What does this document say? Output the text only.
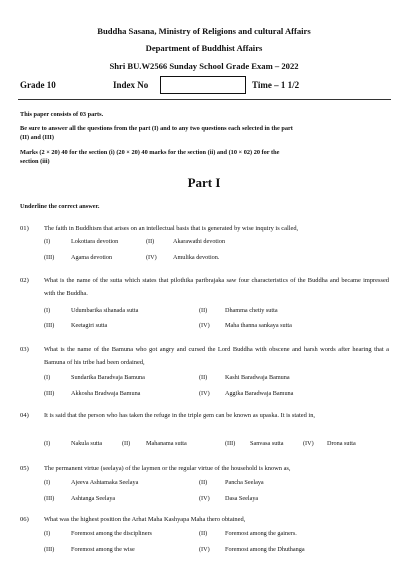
Buddha Sasana, Ministry of Religions and cultural Affairs
Department of Buddhist Affairs
Shri BU.W2566 Sunday School Grade Exam – 2022
Grade 10	Index No	Time – 1 1/2
This paper consists of 03 parts.
Be sure to answer all the questions from the part (I) and to any two questions each selected in the part
(II) and (III)
Marks (2 × 20) 40 for the section (i) (20 × 20) 40 marks for the section (ii) and (10 × 02) 20 for the
section (iii)
Part I
Underline the correct answer.
01) The faith in Buddhism that arises on an intellectual basis that is generated by wise inquiry is called,
(I)	Lokottara devotion	(II)	Akarawathi devotion
(III)	Agama devotion	(IV)	Amulika devotion.
02) What is the name of the sutta which states that pilothika paribrajaka saw four characteristics of the Buddha and became impressed with the Buddha.
(I)	Udumbarika sihanada sutta	(II)	Dhamma chetiy sutta
(III)	Keetagiri sutta	(IV) Maha thanna sankaya sutta
03) What is the name of the Bamuna who got angry and cursed the Lord Buddha with obscene and harsh words after hearing that a Bamuna of his tribe had been ordained,
(I)	Sundarika Baradvaja Bamuna	(II)	Kashi Baradwaja Bamuna
(III)	Akkosha Bradwaja Bamuna	(IV) Aggika Baradwaja Bamuna
04) It is said that the person who has taken the refuge in the triple gem can be known as upaska. It is stated in,
(I)	Nakula sutta	(II)	Mahanama sutta	(III) Sanvasa sutta	(IV) Drona sutta
05) The permanent virtue (seelaya) of the laymen or the regular virtue of the household is known as,
(I)	Ajeeva Ashtamaka Seelaya	(II)	Pancha Seelaya
(III)	Ashtanga Seelaya	(IV) Dasa Seelaya
06) What was the highest position the Arhat Maha Kashyapa Maha thero obtained,
(I)	Foremost among the discipliners	(II)	Foremost among the gainers.
(III)	Foremost among the wise	(IV) Foremost among the Dhuthanga
